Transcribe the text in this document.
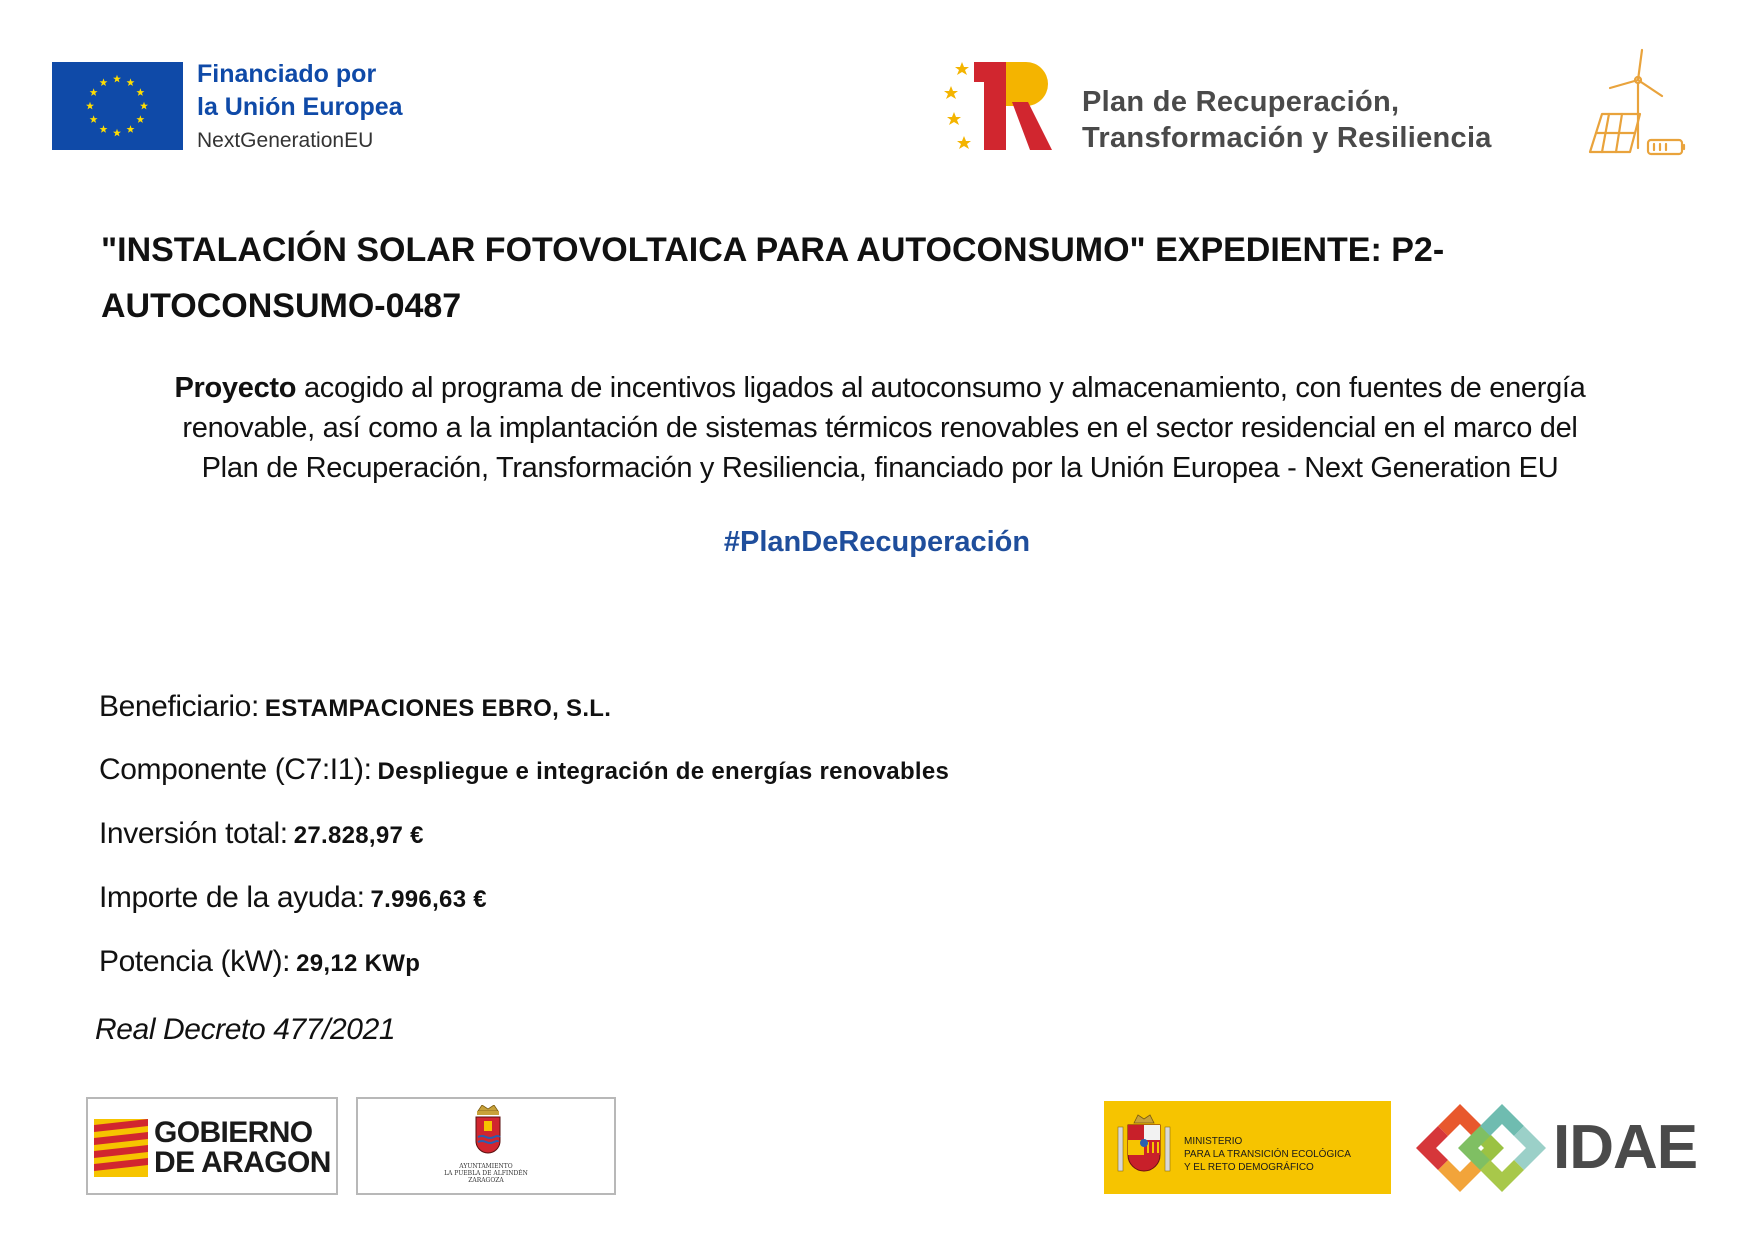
Financiado por
la Unión Europea
NextGenerationEU
Plan de Recuperación,
Transformación y Resiliencia
"INSTALACIÓN SOLAR FOTOVOLTAICA PARA AUTOCONSUMO" EXPEDIENTE: P2-AUTOCONSUMO-0487
Proyecto acogido al programa de incentivos ligados al autoconsumo y almacenamiento, con fuentes de energía
renovable, así como a la implantación de sistemas térmicos renovables en el sector residencial en el marco del
Plan de Recuperación, Transformación y Resiliencia, financiado por la Unión Europea - Next Generation EU
#PlanDeRecuperación
Beneficiario: ESTAMPACIONES EBRO, S.L.
Componente (C7:I1): Despliegue e integración de energías renovables
Inversión total: 27.828,97 €
Importe de la ayuda: 7.996,63 €
Potencia (kW): 29,12 KWp
Real Decreto 477/2021
GOBIERNO
DE ARAGON	AYUNTAMIENTO
LA PUEBLA DE ALFINDÉN
ZARAGOZA
MINISTERIO
PARA LA TRANSICIÓN ECOLÓGICA
Y EL RETO DEMOGRÁFICO	IDAE
